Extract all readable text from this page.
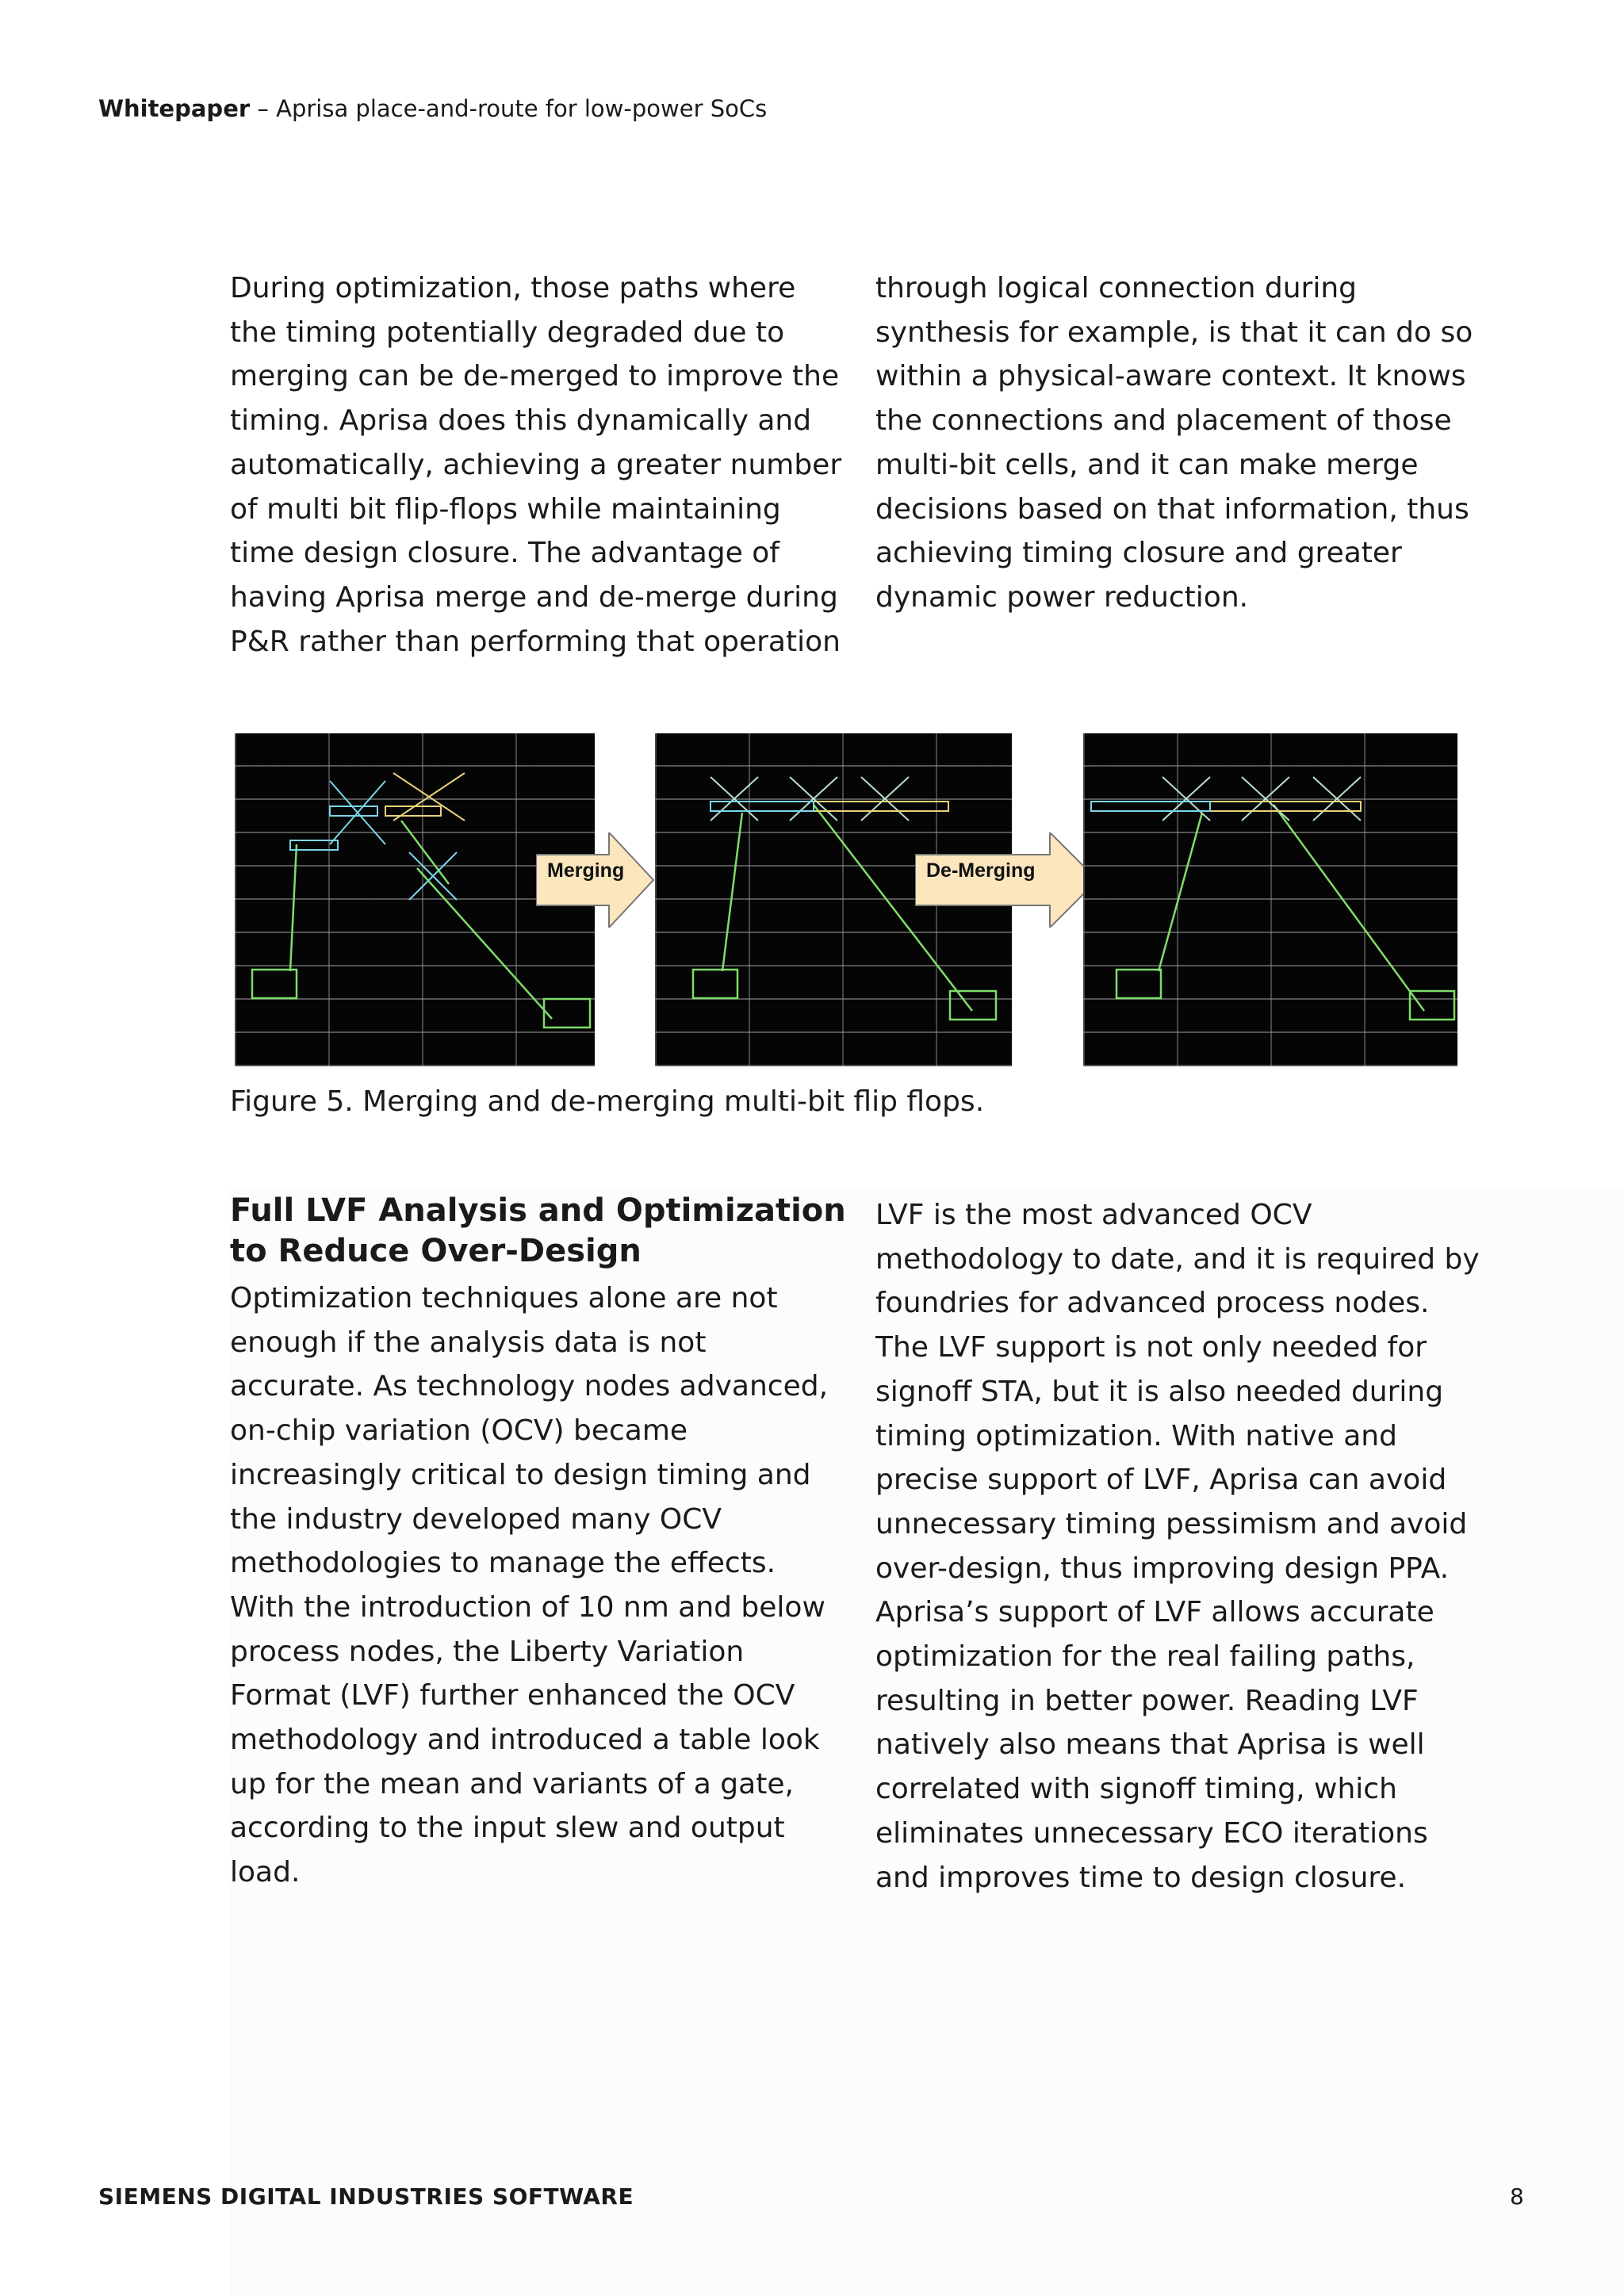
Whitepaper – Aprisa place-and-route for low-power SoCs

During optimization, those paths where the timing potentially degraded due to merging can be de-merged to improve the timing. Aprisa does this dynamically and automatically, achieving a greater number of multi bit flip-flops while maintaining time design closure. The advantage of having Aprisa merge and de-merge during P&R rather than performing that operation

through logical connection during synthesis for example, is that it can do so within a physical-aware context. It knows the connections and placement of those multi-bit cells, and it can make merge decisions based on that information, thus achieving timing closure and greater dynamic power reduction.

Merging	De-Merging
Figure 5. Merging and de-merging multi-bit flip flops.
Full LVF Analysis and Optimization
to Reduce Over-Design

Optimization techniques alone are not enough if the analysis data is not accurate. As technology nodes advanced, on-chip variation (OCV) became increasingly critical to design timing and the industry developed many OCV methodologies to manage the effects. With the introduction of 10 nm and below process nodes, the Liberty Variation Format (LVF) further enhanced the OCV methodology and introduced a table look up for the mean and variants of a gate, according to the input slew and output load.

LVF is the most advanced OCV methodology to date, and it is required by foundries for advanced process nodes. The LVF support is not only needed for signoff STA, but it is also needed during timing optimization. With native and precise support of LVF, Aprisa can avoid unnecessary timing pessimism and avoid over-design, thus improving design PPA.

Aprisa’s support of LVF allows accurate optimization for the real failing paths, resulting in better power. Reading LVF natively also means that Aprisa is well correlated with signoff timing, which eliminates unnecessary ECO iterations and improves time to design closure.

SIEMENS DIGITAL INDUSTRIES SOFTWARE	8
